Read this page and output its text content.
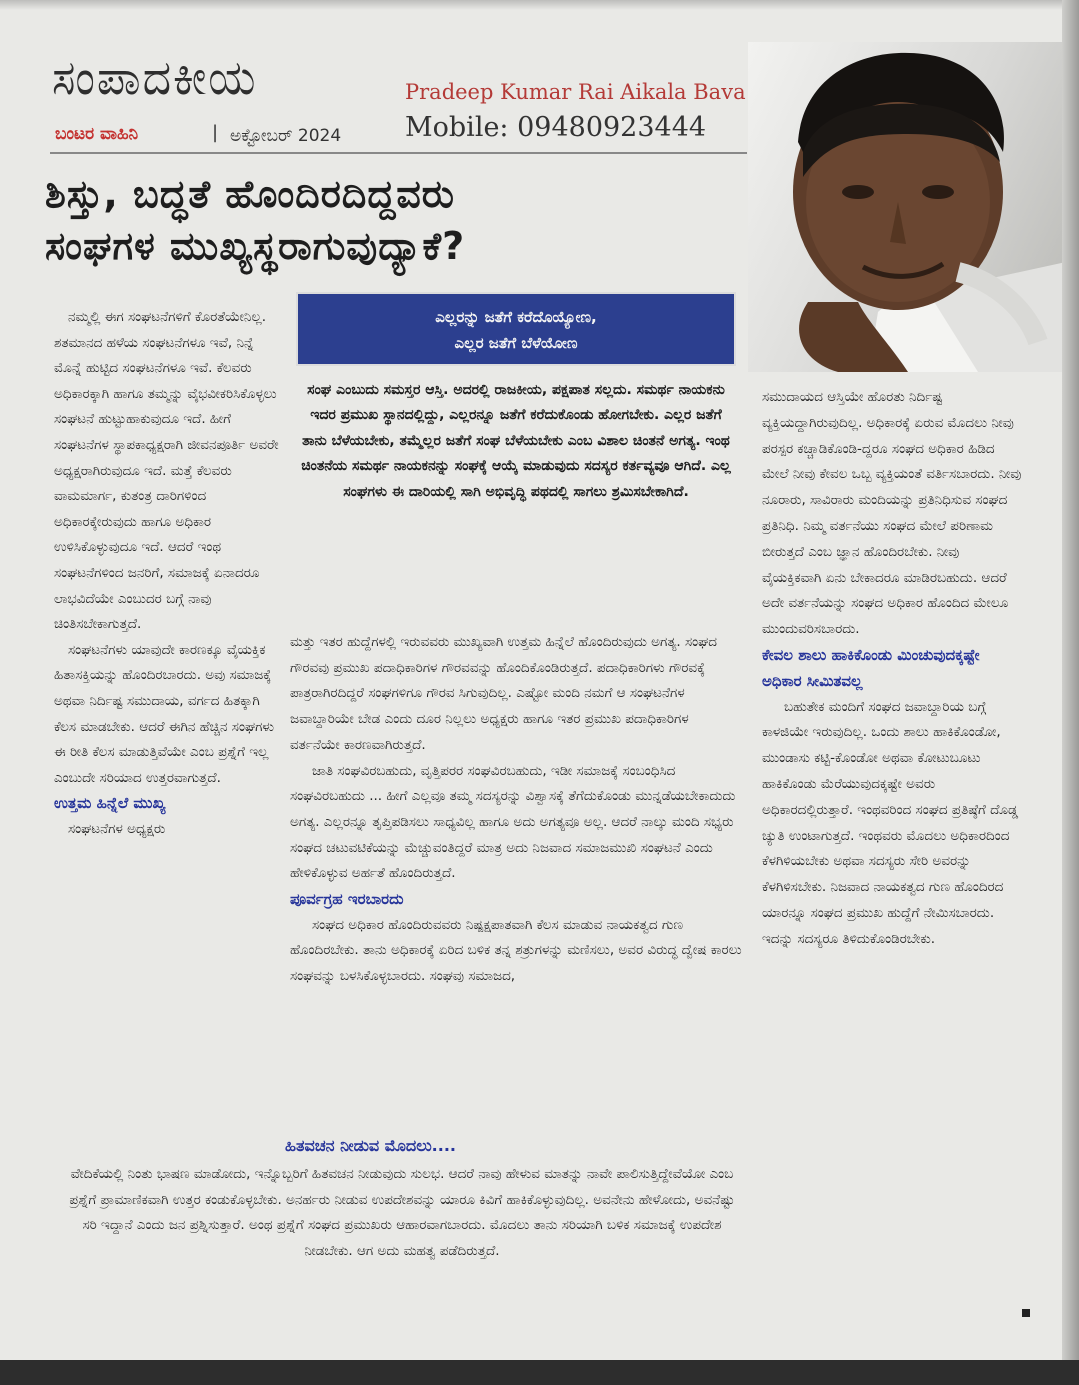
ಸಂಪಾದಕೀಯ	Pradeep Kumar Rai Aikala Bava
ಬಂಟರ ವಾಹಿನಿ	| ಅಕ್ಟೋಬರ್ 2024 Mobile: 09480923444
ಶಿಸ್ತು, ಬದ್ಧತೆ ಹೊಂದಿರದಿದ್ದವರು
ಸಂಘಗಳ ಮುಖ್ಯಸ್ಥರಾಗುವುದ್ಯಾಕೆ?
ಎಲ್ಲರನ್ನು ಜತೆಗೆ ಕರೆದೊಯ್ಯೋಣ,
ಎಲ್ಲರ ಜತೆಗೆ ಬೆಳೆಯೋಣ

ನಮ್ಮಲ್ಲಿ ಈಗ ಸಂಘಟನೆಗಳಿಗೆ ಕೊರತೆಯೇನಿಲ್ಲ. ಶತಮಾನದ ಹಳೆಯ ಸಂಘಟನೆಗಳೂ ಇವೆ, ನಿನ್ನೆ ಮೊನ್ನೆ ಹುಟ್ಟಿದ ಸಂಘಟನೆಗಳೂ ಇವೆ. ಕೆಲವರು ಅಧಿಕಾರಕ್ಕಾಗಿ ಹಾಗೂ ತಮ್ಮನ್ನು ವೈಭವೀಕರಿಸಿಕೊಳ್ಳಲು ಸಂಘಟನೆ ಹುಟ್ಟುಹಾಕುವುದೂ ಇದೆ. ಹೀಗೆ ಸಂಘಟನೆಗಳ ಸ್ಥಾಪಕಾಧ್ಯಕ್ಷರಾಗಿ ಜೀವನಪೂರ್ತಿ ಅವರೇ ಅಧ್ಯಕ್ಷರಾಗಿರುವುದೂ ಇದೆ. ಮತ್ತೆ ಕೆಲವರು ವಾಮಮಾರ್ಗ, ಕುತಂತ್ರ ದಾರಿಗಳಿಂದ ಅಧಿಕಾರಕ್ಕೇರುವುದು ಹಾಗೂ ಅಧಿಕಾರ ಉಳಿಸಿಕೊಳ್ಳುವುದೂ ಇದೆ. ಆದರೆ ಇಂಥ ಸಂಘಟನೆಗಳಿಂದ ಜನರಿಗೆ, ಸಮಾಜಕ್ಕೆ ಏನಾದರೂ ಲಾಭವಿದೆಯೇ ಎಂಬುದರ ಬಗ್ಗೆ ನಾವು ಚಿಂತಿಸಬೇಕಾಗುತ್ತದೆ.

ಸಂಘಟನೆಗಳು ಯಾವುದೇ ಕಾರಣಕ್ಕೂ ವೈಯಕ್ತಿಕ ಹಿತಾಸಕ್ತಿಯನ್ನು ಹೊಂದಿರಬಾರದು. ಅವು ಸಮಾಜಕ್ಕೆ ಅಥವಾ ನಿರ್ದಿಷ್ಟ ಸಮುದಾಯ, ವರ್ಗದ ಹಿತಕ್ಕಾಗಿ ಕೆಲಸ ಮಾಡಬೇಕು. ಆದರೆ ಈಗಿನ ಹೆಚ್ಚಿನ ಸಂಘಗಳು ಈ ರೀತಿ ಕೆಲಸ ಮಾಡುತ್ತಿವೆಯೇ ಎಂಬ ಪ್ರಶ್ನೆಗೆ ಇಲ್ಲ ಎಂಬುದೇ ಸರಿಯಾದ ಉತ್ತರವಾಗುತ್ತದೆ.

ಉತ್ತಮ ಹಿನ್ನೆಲೆ ಮುಖ್ಯ

ಸಂಘಟನೆಗಳ ಅಧ್ಯಕ್ಷರು

ಸಂಘ ಎಂಬುದು ಸಮಸ್ತರ ಆಸ್ತಿ. ಅದರಲ್ಲಿ ರಾಜಕೀಯ, ಪಕ್ಷಪಾತ ಸಲ್ಲದು. ಸಮರ್ಥ ನಾಯಕನು ಇದರ ಪ್ರಮುಖ ಸ್ಥಾನದಲ್ಲಿದ್ದು, ಎಲ್ಲರನ್ನೂ ಜತೆಗೆ ಕರೆದುಕೊಂಡು ಹೋಗಬೇಕು. ಎಲ್ಲರ ಜತೆಗೆ ತಾನು ಬೆಳೆಯಬೇಕು, ತಮ್ಮೆಲ್ಲರ ಜತೆಗೆ ಸಂಘ ಬೆಳೆಯಬೇಕು ಎಂಬ ವಿಶಾಲ ಚಿಂತನೆ ಅಗತ್ಯ. ಇಂಥ ಚಿಂತನೆಯ ಸಮರ್ಥ ನಾಯಕನನ್ನು ಸಂಘಕ್ಕೆ ಆಯ್ಕೆ ಮಾಡುವುದು ಸದಸ್ಯರ ಕರ್ತವ್ಯವೂ ಆಗಿದೆ. ಎಲ್ಲ ಸಂಘಗಳು ಈ ದಾರಿಯಲ್ಲಿ ಸಾಗಿ ಅಭಿವೃದ್ಧಿ ಪಥದಲ್ಲಿ ಸಾಗಲು ಶ್ರಮಿಸಬೇಕಾಗಿದೆ.

ಮತ್ತು ಇತರ ಹುದ್ದೆಗಳಲ್ಲಿ ಇರುವವರು ಮುಖ್ಯವಾಗಿ ಉತ್ತಮ ಹಿನ್ನೆಲೆ ಹೊಂದಿರುವುದು ಅಗತ್ಯ. ಸಂಘದ ಗೌರವವು ಪ್ರಮುಖ ಪದಾಧಿಕಾರಿಗಳ ಗೌರವವನ್ನು ಹೊಂದಿಕೊಂಡಿರುತ್ತದೆ. ಪದಾಧಿಕಾರಿಗಳು ಗೌರವಕ್ಕೆ ಪಾತ್ರರಾಗಿರದಿದ್ದರೆ ಸಂಘಗಳಿಗೂ ಗೌರವ ಸಿಗುವುದಿಲ್ಲ. ಎಷ್ಟೋ ಮಂದಿ ನಮಗೆ ಆ ಸಂಘಟನೆಗಳ ಜವಾಬ್ದಾರಿಯೇ ಬೇಡ ಎಂದು ದೂರ ನಿಲ್ಲಲು ಅಧ್ಯಕ್ಷರು ಹಾಗೂ ಇತರ ಪ್ರಮುಖ ಪದಾಧಿಕಾರಿಗಳ ವರ್ತನೆಯೇ ಕಾರಣವಾಗಿರುತ್ತದೆ.

ಜಾತಿ ಸಂಘವಿರಬಹುದು, ವೃತ್ತಿಪರರ ಸಂಘವಿರಬಹುದು, ಇಡೀ ಸಮಾಜಕ್ಕೆ ಸಂಬಂಧಿಸಿದ ಸಂಘವಿರಬಹುದು ... ಹೀಗೆ ಎಲ್ಲವೂ ತಮ್ಮ ಸದಸ್ಯರನ್ನು ವಿಶ್ವಾಸಕ್ಕೆ ತೆಗೆದುಕೊಂಡು ಮುನ್ನಡೆಯಬೇಕಾದುದು ಅಗತ್ಯ. ಎಲ್ಲರನ್ನೂ ತೃಪ್ತಿಪಡಿಸಲು ಸಾಧ್ಯವಿಲ್ಲ ಹಾಗೂ ಅದು ಅಗತ್ಯವೂ ಅಲ್ಲ. ಆದರೆ ನಾಲ್ಕು ಮಂದಿ ಸಭ್ಯರು ಸಂಘದ ಚಟುವಟಿಕೆಯನ್ನು ಮೆಚ್ಚುವಂತಿದ್ದರೆ ಮಾತ್ರ ಅದು ನಿಜವಾದ ಸಮಾಜಮುಖಿ ಸಂಘಟನೆ ಎಂದು ಹೇಳಿಕೊಳ್ಳುವ ಅರ್ಹತೆ ಹೊಂದಿರುತ್ತದೆ.

ಪೂರ್ವಗ್ರಹ ಇರಬಾರದು

ಸಂಘದ ಅಧಿಕಾರ ಹೊಂದಿರುವವರು ನಿಷ್ಪಕ್ಷಪಾತವಾಗಿ ಕೆಲಸ ಮಾಡುವ ನಾಯಕತ್ವದ ಗುಣ ಹೊಂದಿರಬೇಕು. ತಾನು ಅಧಿಕಾರಕ್ಕೆ ಏರಿದ ಬಳಿಕ ತನ್ನ ಶತ್ರುಗಳನ್ನು ಮಣಿಸಲು, ಅವರ ವಿರುದ್ಧ ದ್ವೇಷ ಕಾರಲು ಸಂಘವನ್ನು ಬಳಸಿಕೊಳ್ಳಬಾರದು. ಸಂಘವು ಸಮಾಜದ,

ಸಮುದಾಯದ ಆಸ್ತಿಯೇ ಹೊರತು ನಿರ್ದಿಷ್ಟ ವ್ಯಕ್ತಿಯದ್ದಾಗಿರುವುದಿಲ್ಲ. ಅಧಿಕಾರಕ್ಕೆ ಏರುವ ಮೊದಲು ನೀವು ಪರಸ್ಪರ ಕಚ್ಚಾಡಿಕೊಂಡಿ-ದ್ದರೂ ಸಂಘದ ಅಧಿಕಾರ ಹಿಡಿದ ಮೇಲೆ ನೀವು ಕೇವಲ ಒಬ್ಬ ವ್ಯಕ್ತಿಯಂತೆ ವರ್ತಿಸಬಾರದು. ನೀವು ನೂರಾರು, ಸಾವಿರಾರು ಮಂದಿಯನ್ನು ಪ್ರತಿನಿಧಿಸುವ ಸಂಘದ ಪ್ರತಿನಿಧಿ. ನಿಮ್ಮ ವರ್ತನೆಯು ಸಂಘದ ಮೇಲೆ ಪರಿಣಾಮ ಬೀರುತ್ತದೆ ಎಂಬ ಜ್ಞಾನ ಹೊಂದಿರಬೇಕು. ನೀವು ವೈಯಕ್ತಿಕವಾಗಿ ಏನು ಬೇಕಾದರೂ ಮಾಡಿರಬಹುದು. ಆದರೆ ಅದೇ ವರ್ತನೆಯನ್ನು ಸಂಘದ ಅಧಿಕಾರ ಹೊಂದಿದ ಮೇಲೂ ಮುಂದುವರಿಸಬಾರದು.

ಕೇವಲ ಶಾಲು ಹಾಕಿಕೊಂಡು ಮಿಂಚುವುದಕ್ಕಷ್ಟೇ ಅಧಿಕಾರ ಸೀಮಿತವಲ್ಲ

ಬಹುತೇಕ ಮಂದಿಗೆ ಸಂಘದ ಜವಾಬ್ದಾರಿಯ ಬಗ್ಗೆ ಕಾಳಜಿಯೇ ಇರುವುದಿಲ್ಲ. ಒಂದು ಶಾಲು ಹಾಕಿಕೊಂಡೋ, ಮುಂಡಾಸು ಕಟ್ಟಿ-ಕೊಂಡೋ ಅಥವಾ ಕೋಟುಬೂಟು ಹಾಕಿಕೊಂಡು ಮೆರೆಯುವುದಕ್ಕಷ್ಟೇ ಅವರು ಅಧಿಕಾರದಲ್ಲಿರುತ್ತಾರೆ. ಇಂಥವರಿಂದ ಸಂಘದ ಪ್ರತಿಷ್ಠೆಗೆ ದೊಡ್ಡ ಚ್ಯುತಿ ಉಂಟಾಗುತ್ತದೆ. ಇಂಥವರು ಮೊದಲು ಅಧಿಕಾರದಿಂದ ಕೆಳಗಿಳಿಯಬೇಕು ಅಥವಾ ಸದಸ್ಯರು ಸೇರಿ ಅವರನ್ನು ಕೆಳಗಿಳಿಸಬೇಕು. ನಿಜವಾದ ನಾಯಕತ್ವದ ಗುಣ ಹೊಂದಿರದ ಯಾರನ್ನೂ ಸಂಘದ ಪ್ರಮುಖ ಹುದ್ದೆಗೆ ನೇಮಿಸಬಾರದು. ಇದನ್ನು ಸದಸ್ಯರೂ ತಿಳಿದುಕೊಂಡಿರಬೇಕು.

ಹಿತವಚನ ನೀಡುವ ಮೊದಲು....
ವೇದಿಕೆಯಲ್ಲಿ ನಿಂತು ಭಾಷಣ ಮಾಡೋದು, ಇನ್ನೊಬ್ಬರಿಗೆ ಹಿತವಚನ ನೀಡುವುದು ಸುಲಭ. ಆದರೆ ನಾವು ಹೇಳುವ ಮಾತನ್ನು ನಾವೇ ಪಾಲಿಸುತ್ತಿದ್ದೇವೆಯೋ ಎಂಬ ಪ್ರಶ್ನೆಗೆ ಪ್ರಾಮಾಣಿಕವಾಗಿ ಉತ್ತರ ಕಂಡುಕೊಳ್ಳಬೇಕು. ಅನರ್ಹರು ನೀಡುವ ಉಪದೇಶವನ್ನು ಯಾರೂ ಕಿವಿಗೆ ಹಾಕಿಕೊಳ್ಳುವುದಿಲ್ಲ. ಅವನೇನು ಹೇಳೋದು, ಅವನೆಷ್ಟು ಸರಿ ಇದ್ದಾನೆ ಎಂದು ಜನ ಪ್ರಶ್ನಿಸುತ್ತಾರೆ. ಅಂಥ ಪ್ರಶ್ನೆಗೆ ಸಂಘದ ಪ್ರಮುಖರು ಆಹಾರವಾಗಬಾರದು. ಮೊದಲು ತಾನು ಸರಿಯಾಗಿ ಬಳಿಕ ಸಮಾಜಕ್ಕೆ ಉಪದೇಶ ನೀಡಬೇಕು. ಆಗ ಅದು ಮಹತ್ವ ಪಡೆದಿರುತ್ತದೆ.
